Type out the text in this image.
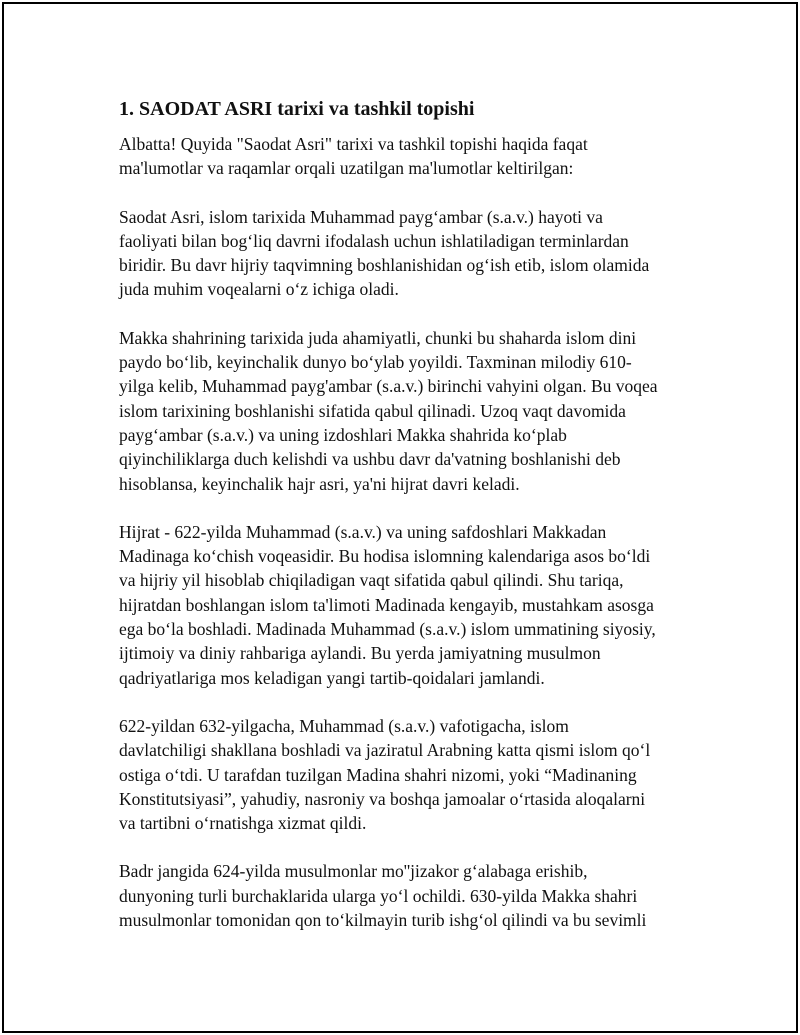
1. SAODAT ASRI tarixi va tashkil topishi

Albatta! Quyida "Saodat Asri" tarixi va tashkil topishi haqida faqat
ma'lumotlar va raqamlar orqali uzatilgan ma'lumotlar keltirilgan:

Saodat Asri, islom tarixida Muhammad payg‘ambar (s.a.v.) hayoti va
faoliyati bilan bog‘liq davrni ifodalash uchun ishlatiladigan terminlardan
biridir. Bu davr hijriy taqvimning boshlanishidan og‘ish etib, islom olamida
juda muhim voqealarni o‘z ichiga oladi.

Makka shahrining tarixida juda ahamiyatli, chunki bu shaharda islom dini
paydo bo‘lib, keyinchalik dunyo bo‘ylab yoyildi. Taxminan milodiy 610-
yilga kelib, Muhammad payg'ambar (s.a.v.) birinchi vahyini olgan. Bu voqea
islom tarixining boshlanishi sifatida qabul qilinadi. Uzoq vaqt davomida
payg‘ambar (s.a.v.) va uning izdoshlari Makka shahrida ko‘plab
qiyinchiliklarga duch kelishdi va ushbu davr da'vatning boshlanishi deb
hisoblansa, keyinchalik hajr asri, ya'ni hijrat davri keladi.

Hijrat - 622-yilda Muhammad (s.a.v.) va uning safdoshlari Makkadan
Madinaga ko‘chish voqeasidir. Bu hodisa islomning kalendariga asos bo‘ldi
va hijriy yil hisoblab chiqiladigan vaqt sifatida qabul qilindi. Shu tariqa,
hijratdan boshlangan islom ta'limoti Madinada kengayib, mustahkam asosga
ega bo‘la boshladi. Madinada Muhammad (s.a.v.) islom ummatining siyosiy,
ijtimoiy va diniy rahbariga aylandi. Bu yerda jamiyatning musulmon
qadriyatlariga mos keladigan yangi tartib-qoidalari jamlandi.

622-yildan 632-yilgacha, Muhammad (s.a.v.) vafotigacha, islom
davlatchiligi shakllana boshladi va jaziratul Arabning katta qismi islom qo‘l
ostiga o‘tdi. U tarafdan tuzilgan Madina shahri nizomi, yoki “Madinaning
Konstitutsiyasi”, yahudiy, nasroniy va boshqa jamoalar o‘rtasida aloqalarni
va tartibni o‘rnatishga xizmat qildi.

Badr jangida 624-yilda musulmonlar mo''jizakor g‘alabaga erishib,
dunyoning turli burchaklarida ularga yo‘l ochildi. 630-yilda Makka shahri
musulmonlar tomonidan qon to‘kilmayin turib ishg‘ol qilindi va bu sevimli
